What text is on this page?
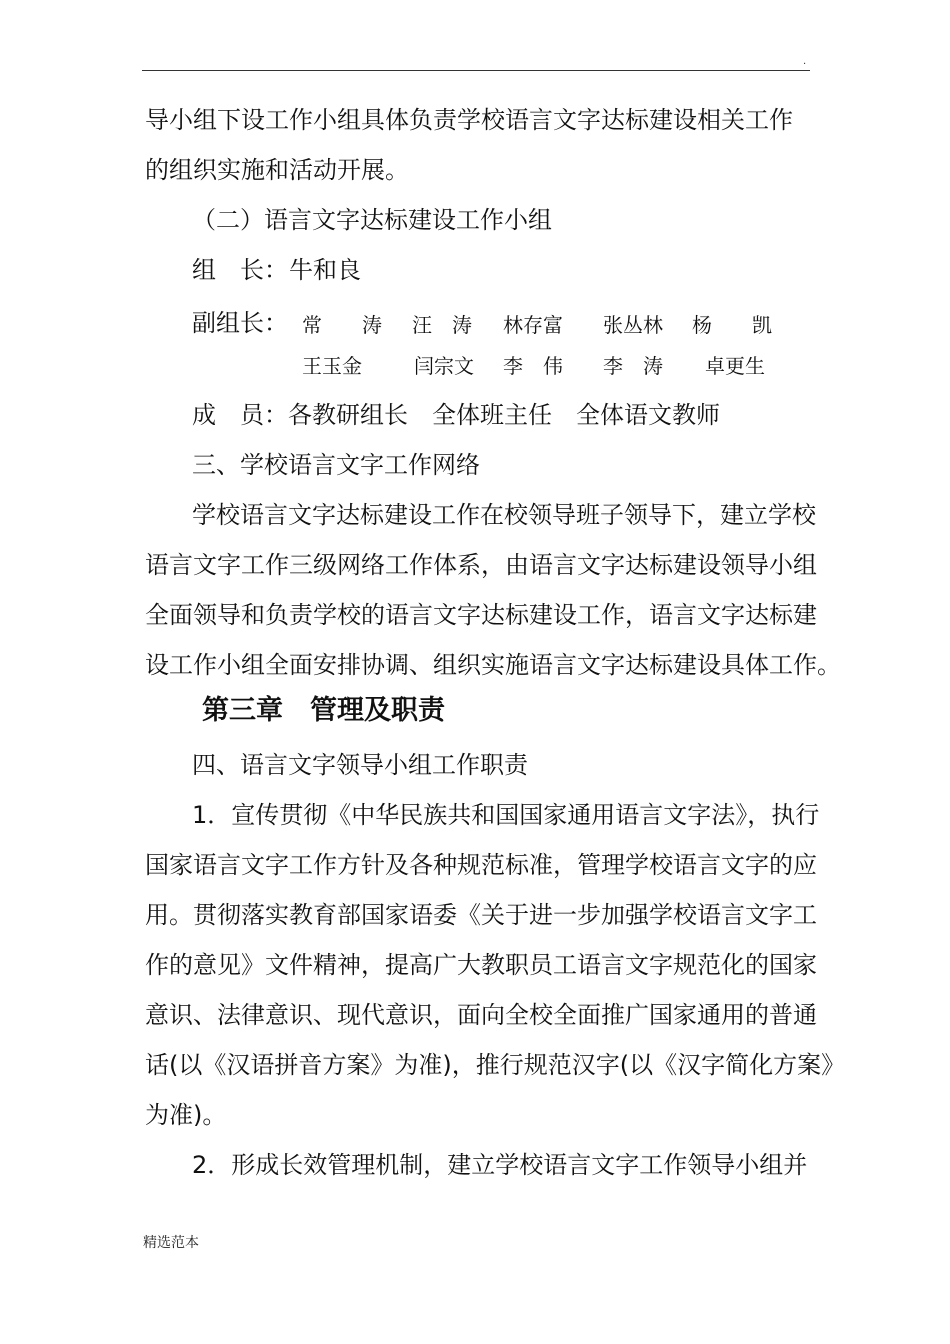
.
导小组下设工作小组具体负责学校语言文字达标建设相关工作
的组织实施和活动开展。
（二）语言文字达标建设工作小组
组　长： 牛和良
副组长： 常　　涛 汪　涛 林存富 张丛林 杨　　凯
王玉金	闫宗文 李　伟 李　涛 卓更生
成　员：各教研组长　全体班主任　全体语文教师
三、学校语言文字工作网络
学校语言文字达标建设工作在校领导班子领导下，建立学校
语言文字工作三级网络工作体系，由语言文字达标建设领导小组
全面领导和负责学校的语言文字达标建设工作，语言文字达标建
设工作小组全面安排协调、组织实施语言文字达标建设具体工作。
第三章　管理及职责
四、语言文字领导小组工作职责
1．宣传贯彻《中华民族共和国国家通用语言文字法》，执行
国家语言文字工作方针及各种规范标准，管理学校语言文字的应
用。贯彻落实教育部国家语委《关于进一步加强学校语言文字工
作的意见》文件精神，提高广大教职员工语言文字规范化的国家
意识、法律意识、现代意识，面向全校全面推广国家通用的普通
话(以《汉语拼音方案》为准)，推行规范汉字(以《汉字简化方案》
为准)。
2．形成长效管理机制，建立学校语言文字工作领导小组并
精选范本
